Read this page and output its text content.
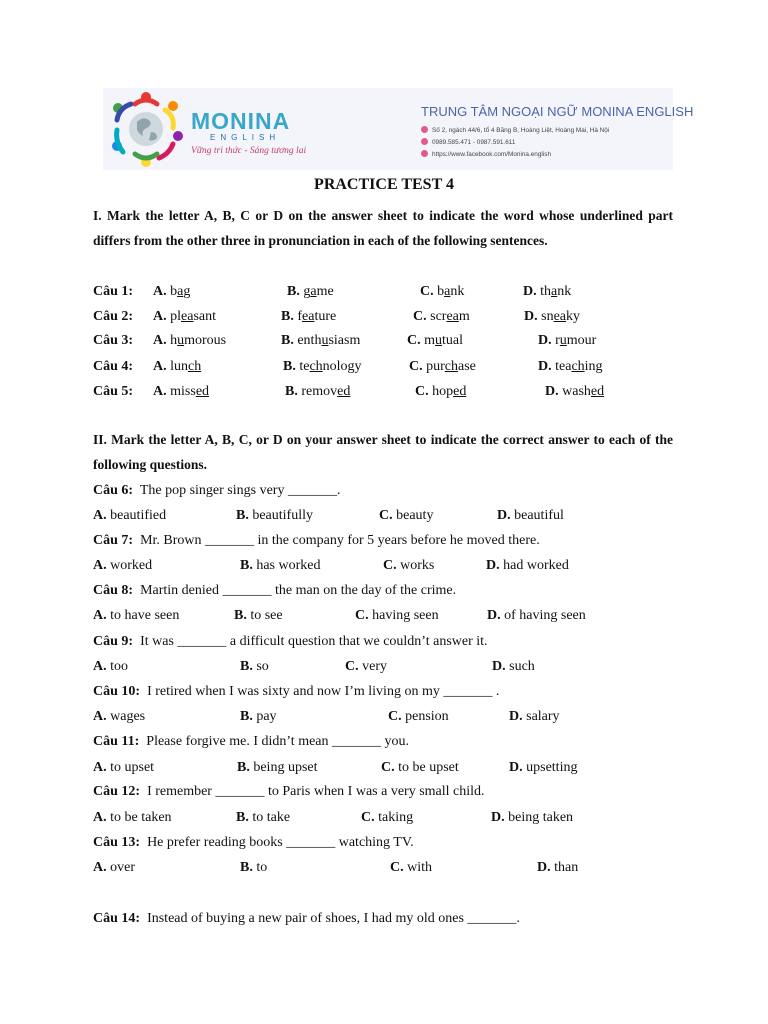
MONINA
ENGLISH
Vững tri thức - Sáng tương lai
TRUNG TÂM NGOẠI NGỮ MONINA ENGLISH
Số 2, ngách 44/6, tổ 4 Băng B, Hoàng Liệt, Hoàng Mai, Hà Nội
0989.585.471 - 0987.591.611
https://www.facebook.com/Monina.english
PRACTICE TEST 4
I. Mark the letter A, B, C or D on the answer sheet to indicate the word whose underlined part differs from the other three in pronunciation in each of the following sentences.
Câu 1: A. bag	B. game	C. bank	D. thank
Câu 2: A. pleasant	B. feature	C. scream	D. sneaky
Câu 3: A. humorous	B. enthusiasm	C. mutual	D. rumour
Câu 4: A. lunch	B. technology	C. purchase	D. teaching
Câu 5: A. missed	B. removed	C. hoped	D. washed
II. Mark the letter A, B, C, or D on your answer sheet to indicate the correct answer to each of the following questions.
Câu 6: The pop singer sings very _______.
A. beautified	B. beautifully	C. beauty	D. beautiful
Câu 7: Mr. Brown _______ in the company for 5 years before he moved there.
A. worked	B. has worked	C. works	D. had worked
Câu 8: Martin denied _______ the man on the day of the crime.
A. to have seen	B. to see	C. having seen	D. of having seen
Câu 9: It was _______ a difficult question that we couldn’t answer it.
A. too	B. so	C. very	D. such
Câu 10: I retired when I was sixty and now I’m living on my _______ .
A. wages	B. pay	C. pension	D. salary
Câu 11: Please forgive me. I didn’t mean _______ you.
A. to upset	B. being upset	C. to be upset	D. upsetting
Câu 12: I remember _______ to Paris when I was a very small child.
A. to be taken	B. to take	C. taking	D. being taken
Câu 13: He prefer reading books _______ watching TV.
A. over	B. to	C. with	D. than
Câu 14: Instead of buying a new pair of shoes, I had my old ones _______.
